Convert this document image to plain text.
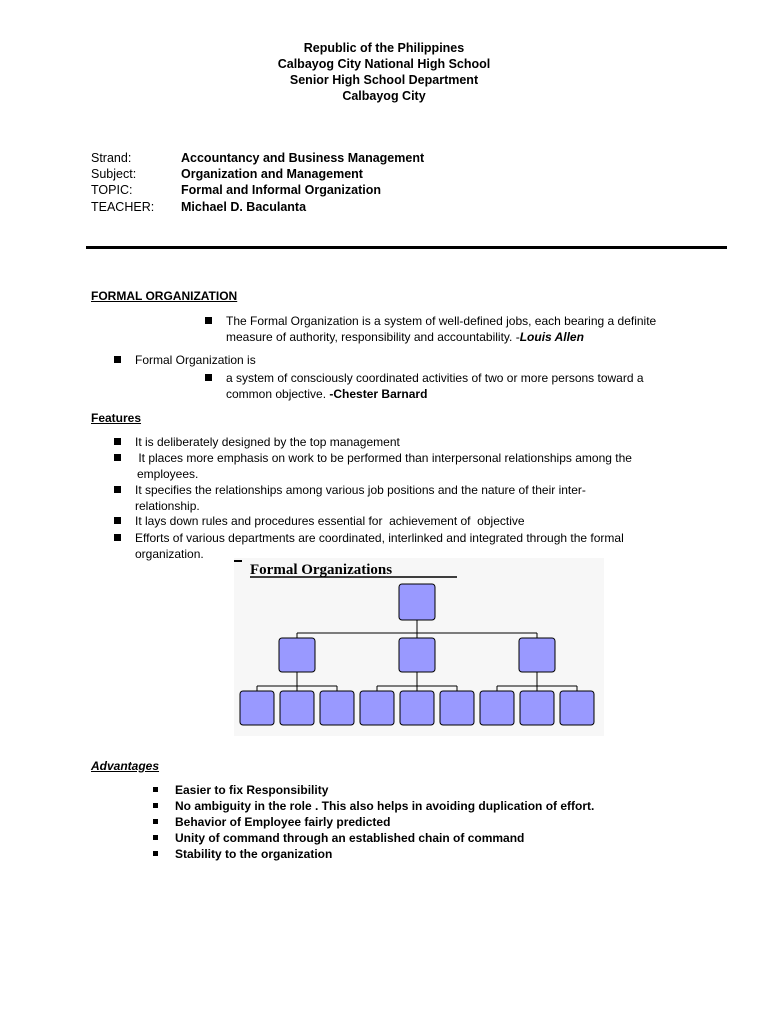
Republic of the Philippines
Calbayog City National High School
Senior High School Department
Calbayog City
Strand:	Accountancy and Business Management
Subject:	Organization and Management
TOPIC:	Formal and Informal Organization
TEACHER: Michael D. Baculanta
FORMAL ORGANIZATION
The Formal Organization is a system of well-defined jobs, each bearing a definite
measure of authority, responsibility and accountability. -Louis Allen
Formal Organization is
a system of consciously coordinated activities of two or more persons toward a
common objective. -Chester Barnard
Features
It is deliberately designed by the top management
It places more emphasis on work to be performed than interpersonal relationships among the
employees.
It specifies the relationships among various job positions and the nature of their inter-
relationship.
It lays down rules and procedures essential for  achievement of  objective
Efforts of various departments are coordinated, interlinked and integrated through the formal
organization.
Formal Organizations
Advantages
Easier to fix Responsibility
No ambiguity in the role . This also helps in avoiding duplication of effort.
Behavior of Employee fairly predicted
Unity of command through an established chain of command
Stability to the organization
